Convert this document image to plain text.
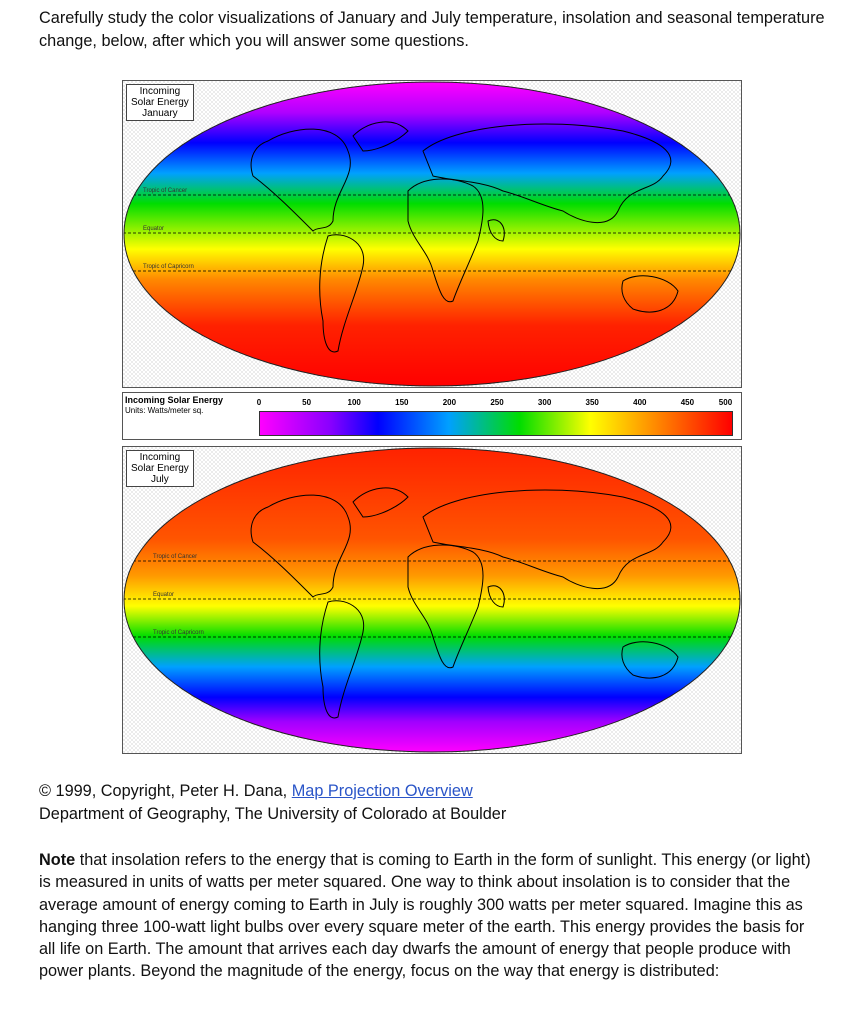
Carefully study the color visualizations of January and July temperature, insolation and seasonal temperature change, below, after which you will answer some questions.

Tropic of Cancer
Equator
Tropic of Capricorn
Incoming
Solar Energy
January
Incoming Solar Energy
Units: Watts/meter sq.
0	50	100	150	200	250	300	350	400	450	500
Tropic of Cancer
Equator
Tropic of Capricorn
Incoming
Solar Energy
July

© 1999, Copyright, Peter H. Dana, Map Projection Overview
Department of Geography, The University of Colorado at Boulder

Note that insolation refers to the energy that is coming to Earth in the form of sunlight. This energy (or light) is measured in units of watts per meter squared. One way to think about insolation is to consider that the average amount of energy coming to Earth in July is roughly 300 watts per meter squared. Imagine this as hanging three 100-watt light bulbs over every square meter of the earth. This energy provides the basis for all life on Earth. The amount that arrives each day dwarfs the amount of energy that people produce with power plants. Beyond the magnitude of the energy, focus on the way that energy is distributed:
